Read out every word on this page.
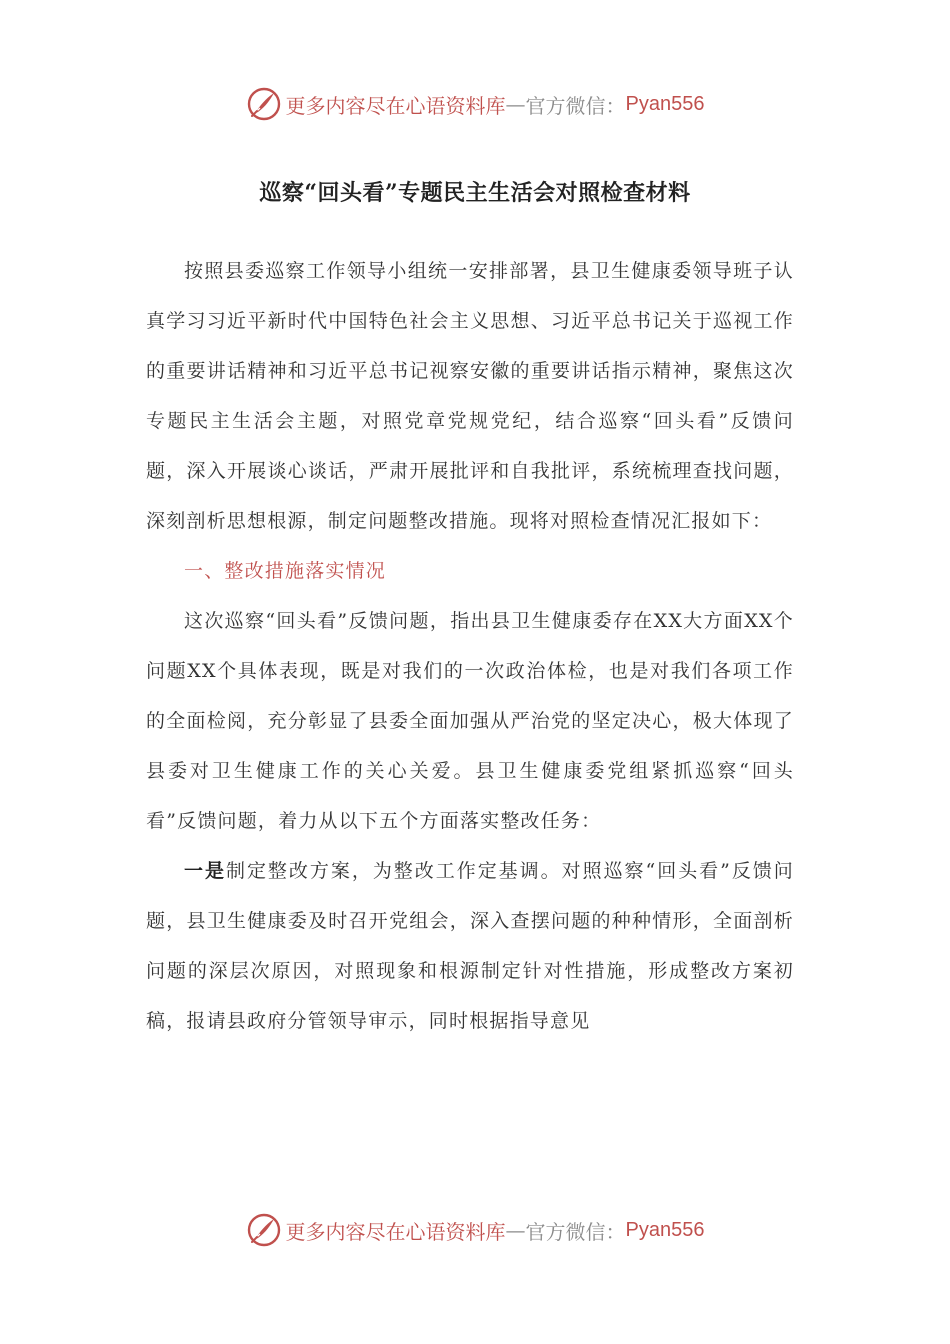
更多内容尽在心语资料库 — 官方微信： Pyan556
巡察“回头看”专题民主生活会对照检查材料

按照县委巡察工作领导小组统一安排部署，县卫生健康委领导班子认真学习习近平新时代中国特色社会主义思想、习近平总书记关于巡视工作的重要讲话精神和习近平总书记视察安徽的重要讲话指示精神，聚焦这次专题民主生活会主题，对照党章党规党纪，结合巡察“回头看”反馈问题，深入开展谈心谈话，严肃开展批评和自我批评，系统梳理查找问题，深刻剖析思想根源，制定问题整改措施。现将对照检查情况汇报如下：

一、整改措施落实情况

这次巡察“回头看”反馈问题，指出县卫生健康委存在XX大方面XX个问题XX个具体表现，既是对我们的一次政治体检，也是对我们各项工作的全面检阅，充分彰显了县委全面加强从严治党的坚定决心，极大体现了县委对卫生健康工作的关心关爱。县卫生健康委党组紧抓巡察“回头看”反馈问题，着力从以下五个方面落实整改任务：

一是制定整改方案，为整改工作定基调。对照巡察“回头看”反馈问题，县卫生健康委及时召开党组会，深入查摆问题的种种情形，全面剖析问题的深层次原因，对照现象和根源制定针对性措施，形成整改方案初稿，报请县政府分管领导审示，同时根据指导意见

更多内容尽在心语资料库 — 官方微信： Pyan556
